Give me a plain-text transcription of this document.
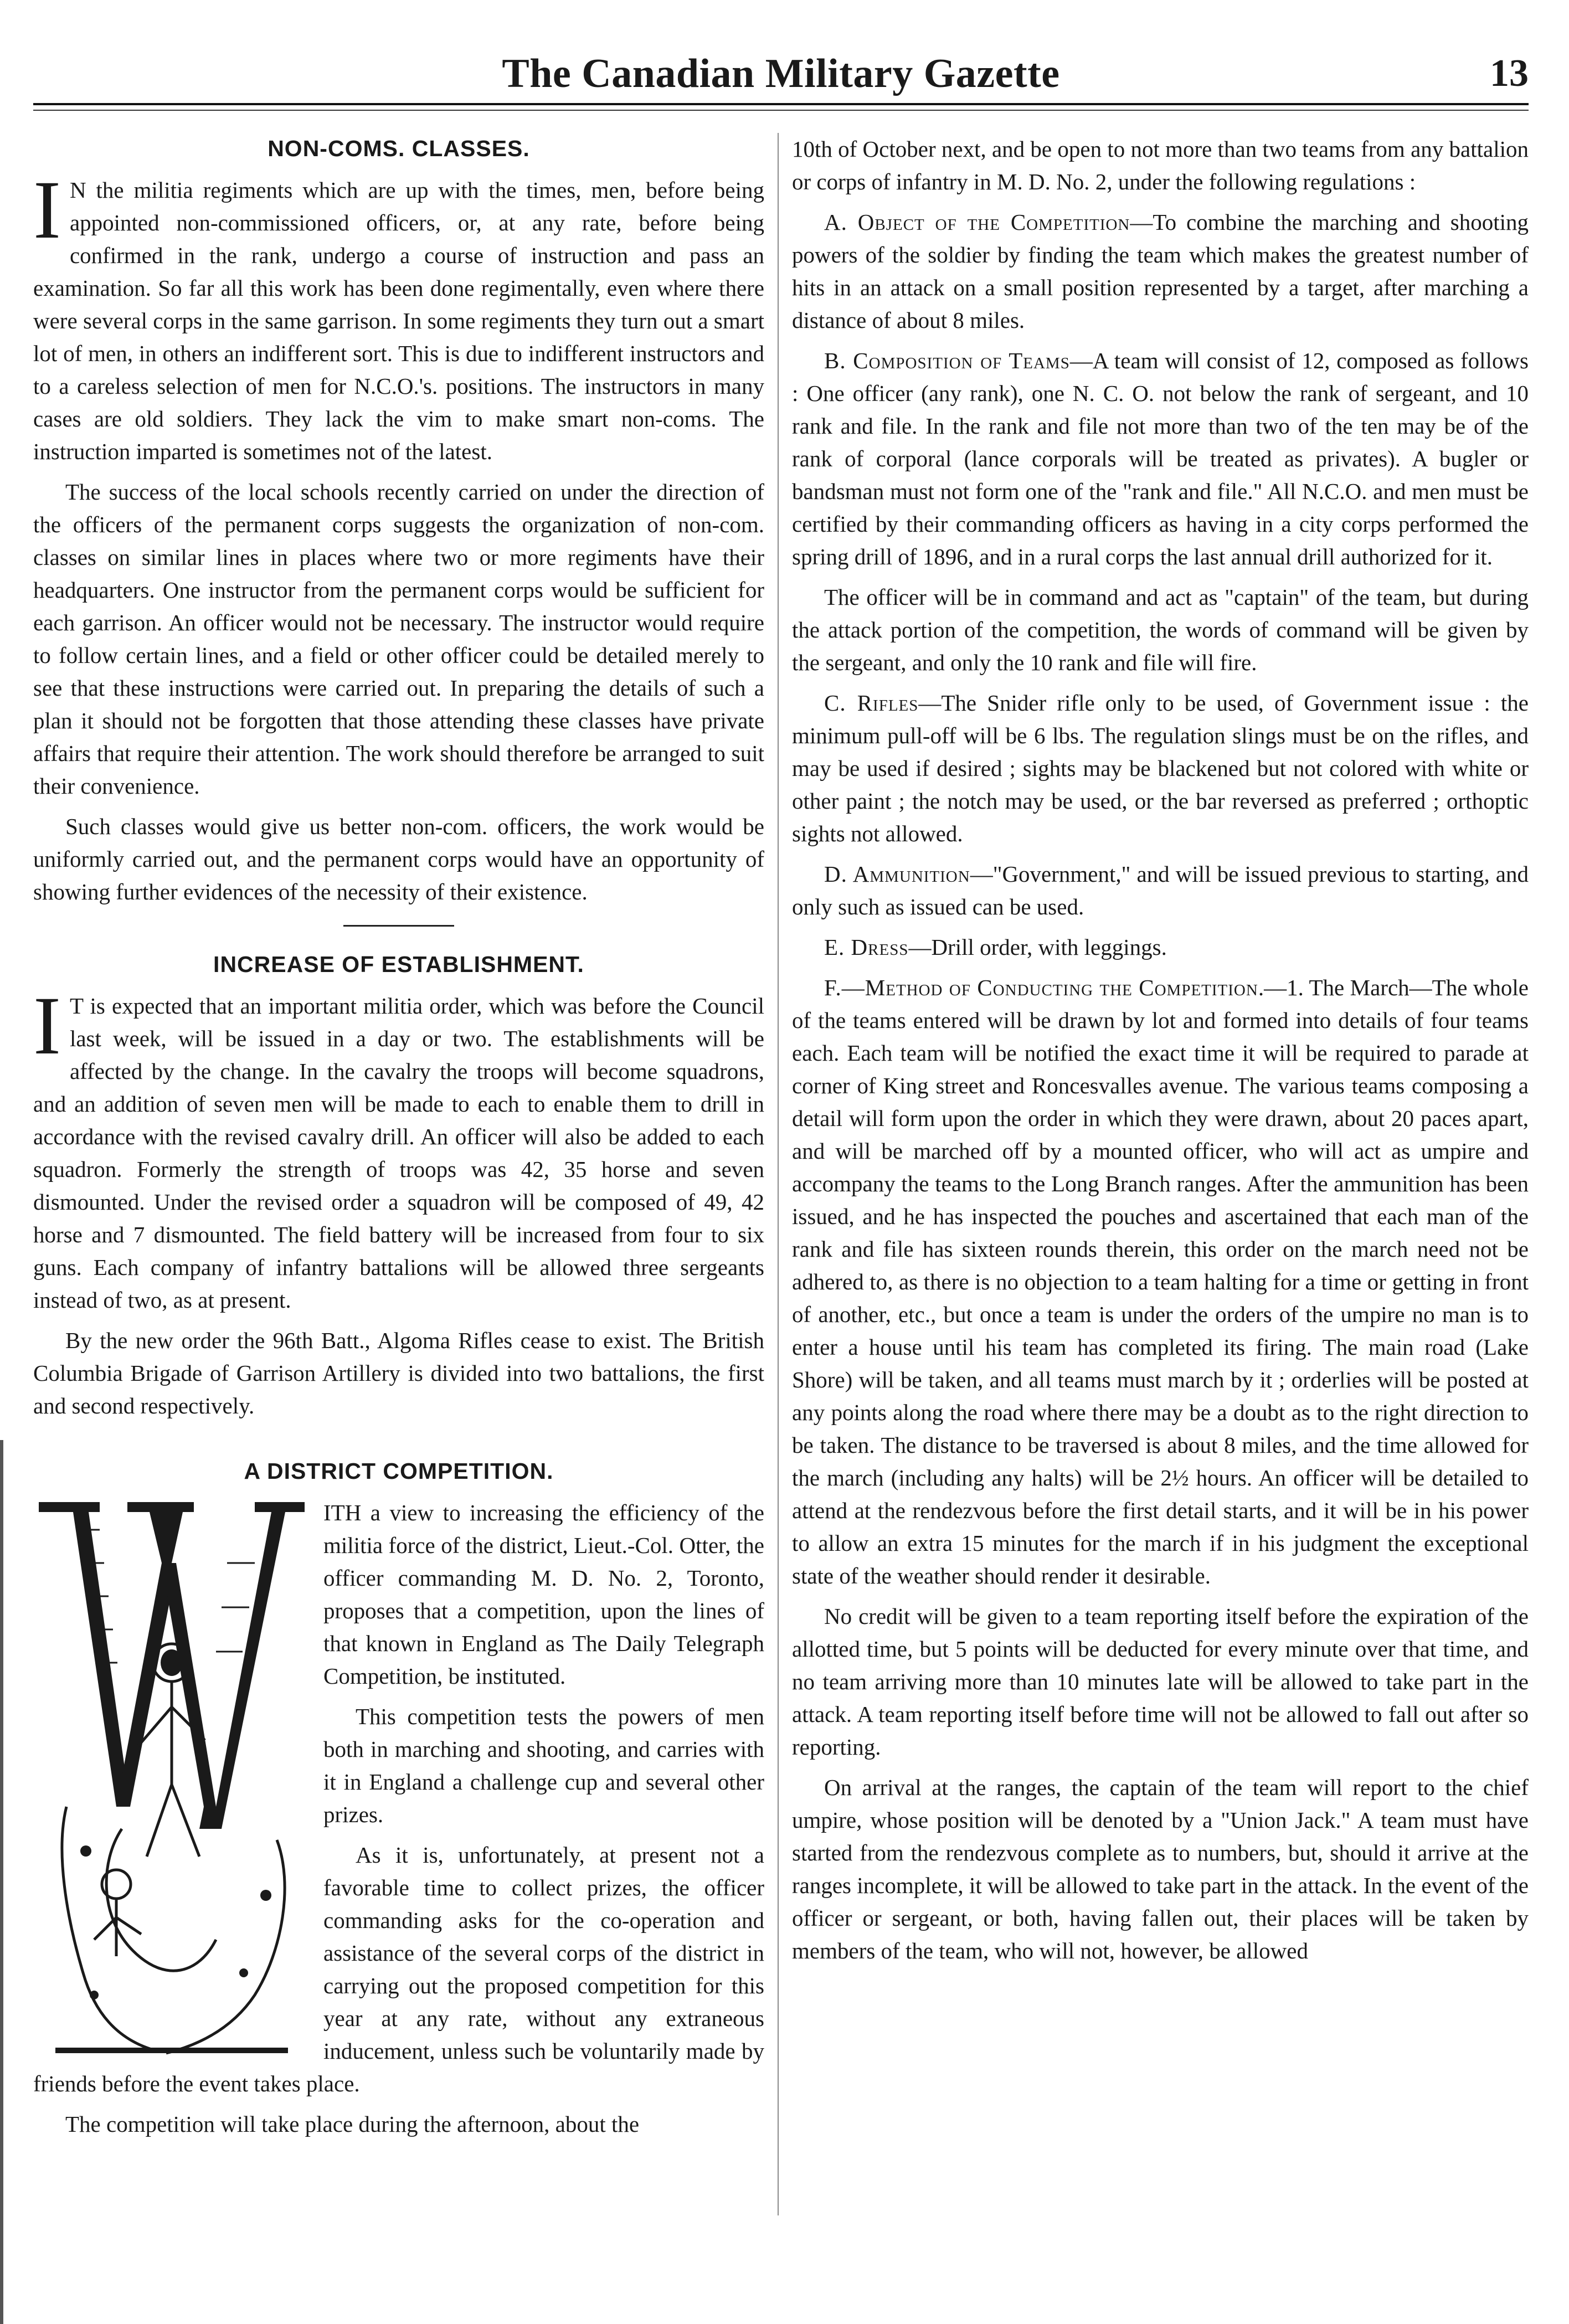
The Canadian Military Gazette	13
NON-COMS. CLASSES.

I N the militia regiments which are up with the times, men, before being appointed non-commissioned officers, or, at any rate, before being confirmed in the rank, undergo a course of instruction and pass an examination. So far all this work has been done regimentally, even where there were several corps in the same garrison. In some regiments they turn out a smart lot of men, in others an indifferent sort. This is due to indifferent instructors and to a careless selection of men for N.C.O.'s. positions. The instructors in many cases are old soldiers. They lack the vim to make smart non-coms. The instruction imparted is sometimes not of the latest.

The success of the local schools recently carried on under the direction of the officers of the permanent corps suggests the organization of non-com. classes on similar lines in places where two or more regiments have their headquarters. One instructor from the permanent corps would be sufficient for each garrison. An officer would not be necessary. The instructor would require to follow certain lines, and a field or other officer could be detailed merely to see that these instructions were carried out. In preparing the details of such a plan it should not be forgotten that those attending these classes have private affairs that require their attention. The work should therefore be arranged to suit their convenience.

Such classes would give us better non-com. officers, the work would be uniformly carried out, and the permanent corps would have an opportunity of showing further evidences of the necessity of their existence.

INCREASE OF ESTABLISHMENT.

I T is expected that an important militia order, which was before the Council last week, will be issued in a day or two. The establishments will be affected by the change. In the cavalry the troops will become squadrons, and an addition of seven men will be made to each to enable them to drill in accordance with the revised cavalry drill. An officer will also be added to each squadron. Formerly the strength of troops was 42, 35 horse and seven dismounted. Under the revised order a squadron will be composed of 49, 42 horse and 7 dismounted. The field battery will be increased from four to six guns. Each company of infantry battalions will be allowed three sergeants instead of two, as at present.

By the new order the 96th Batt., Algoma Rifles cease to exist. The British Columbia Brigade of Garrison Artillery is divided into two battalions, the first and second respectively.

A DISTRICT COMPETITION.

ITH a view to increasing the efficiency of the militia force of the district, Lieut.-Col. Otter, the officer commanding M. D. No. 2, Toronto, proposes that a competition, upon the lines of that known in England as The Daily Telegraph Competition, be instituted.

This competition tests the powers of men both in marching and shooting, and carries with it in England a challenge cup and several other prizes.

As it is, unfortunately, at present not a favorable time to collect prizes, the officer commanding asks for the co-operation and assistance of the several corps of the district in carrying out the proposed competition for this year at any rate, without any extraneous inducement, unless such be voluntarily made by friends before the event takes place.

The competition will take place during the afternoon, about the

10th of October next, and be open to not more than two teams from any battalion or corps of infantry in M. D. No. 2, under the following regulations :

A. Object of the Competition—To combine the marching and shooting powers of the soldier by finding the team which makes the greatest number of hits in an attack on a small position represented by a target, after marching a distance of about 8 miles.

B. Composition of Teams—A team will consist of 12, composed as follows : One officer (any rank), one N. C. O. not below the rank of sergeant, and 10 rank and file. In the rank and file not more than two of the ten may be of the rank of corporal (lance corporals will be treated as privates). A bugler or bandsman must not form one of the "rank and file." All N.C.O. and men must be certified by their commanding officers as having in a city corps performed the spring drill of 1896, and in a rural corps the last annual drill authorized for it.

The officer will be in command and act as "captain" of the team, but during the attack portion of the competition, the words of command will be given by the sergeant, and only the 10 rank and file will fire.

C. Rifles—The Snider rifle only to be used, of Government issue : the minimum pull-off will be 6 lbs. The regulation slings must be on the rifles, and may be used if desired ; sights may be blackened but not colored with white or other paint ; the notch may be used, or the bar reversed as preferred ; orthoptic sights not allowed.

D. Ammunition—"Government," and will be issued previous to starting, and only such as issued can be used.

E. Dress—Drill order, with leggings.

F.—Method of Conducting the Competition.—1. The March—The whole of the teams entered will be drawn by lot and formed into details of four teams each. Each team will be notified the exact time it will be required to parade at corner of King street and Roncesvalles avenue. The various teams composing a detail will form upon the order in which they were drawn, about 20 paces apart, and will be marched off by a mounted officer, who will act as umpire and accompany the teams to the Long Branch ranges. After the ammunition has been issued, and he has inspected the pouches and ascertained that each man of the rank and file has sixteen rounds therein, this order on the march need not be adhered to, as there is no objection to a team halting for a time or getting in front of another, etc., but once a team is under the orders of the umpire no man is to enter a house until his team has completed its firing. The main road (Lake Shore) will be taken, and all teams must march by it ; orderlies will be posted at any points along the road where there may be a doubt as to the right direction to be taken. The distance to be traversed is about 8 miles, and the time allowed for the march (including any halts) will be 2½ hours. An officer will be detailed to attend at the rendezvous before the first detail starts, and it will be in his power to allow an extra 15 minutes for the march if in his judgment the exceptional state of the weather should render it desirable.

No credit will be given to a team reporting itself before the expiration of the allotted time, but 5 points will be deducted for every minute over that time, and no team arriving more than 10 minutes late will be allowed to take part in the attack. A team reporting itself before time will not be allowed to fall out after so reporting.

On arrival at the ranges, the captain of the team will report to the chief umpire, whose position will be denoted by a "Union Jack." A team must have started from the rendezvous complete as to numbers, but, should it arrive at the ranges incomplete, it will be allowed to take part in the attack. In the event of the officer or sergeant, or both, having fallen out, their places will be taken by members of the team, who will not, however, be allowed
